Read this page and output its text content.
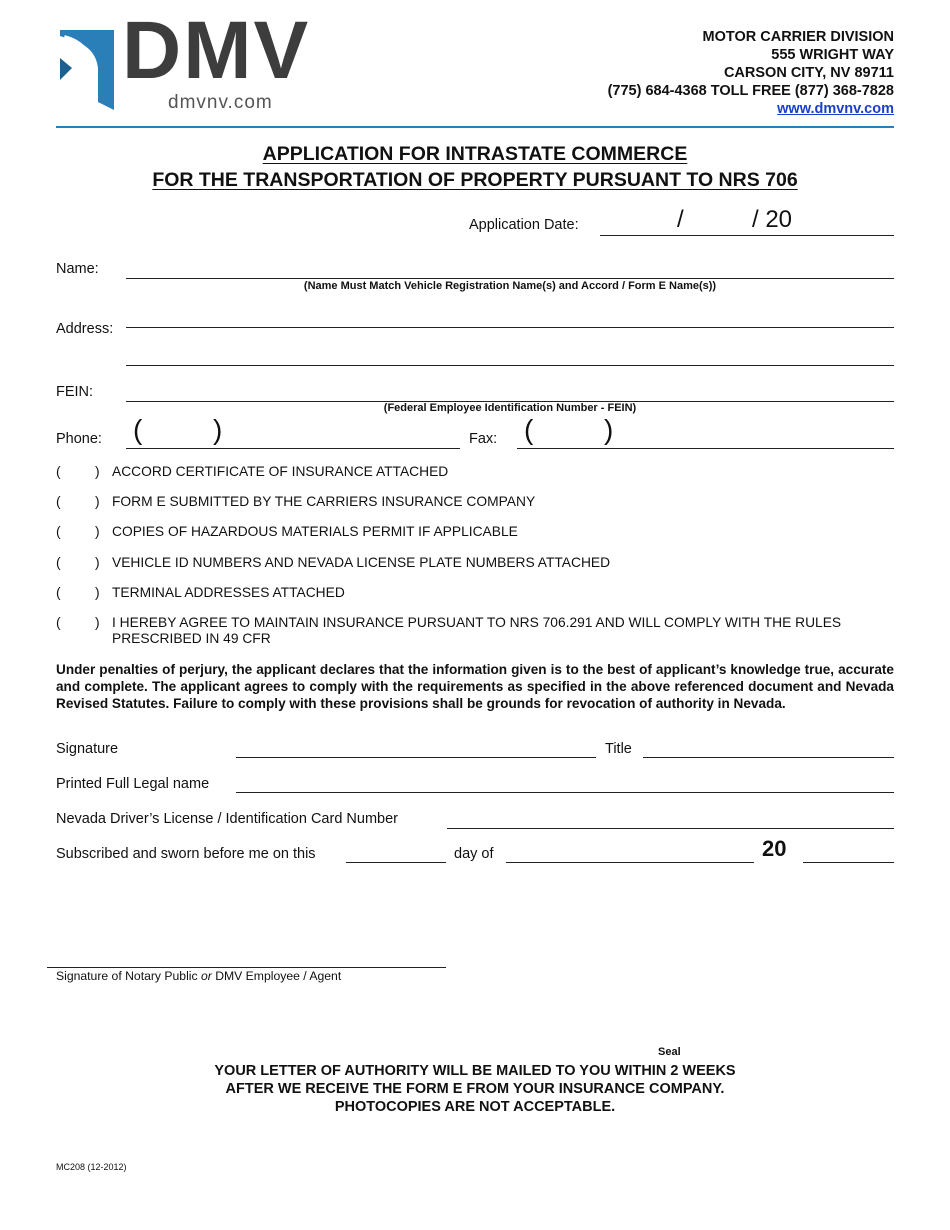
DMV
dmvnv.com
MOTOR CARRIER DIVISION
555 WRIGHT WAY
CARSON CITY, NV 89711
(775) 684-4368 TOLL FREE (877) 368-7828
www.dmvnv.com
APPLICATION FOR INTRASTATE COMMERCE
FOR THE TRANSPORTATION OF PROPERTY PURSUANT TO NRS 706
Application Date:	/	/ 20
Name:
(Name Must Match Vehicle Registration Name(s) and Accord / Form E Name(s))
Address:
FEIN:
(Federal Employee Identification Number - FEIN)
Phone: (	)	Fax: (	)
( ) ACCORD CERTIFICATE OF INSURANCE ATTACHED
( ) FORM E SUBMITTED BY THE CARRIERS INSURANCE COMPANY
( ) COPIES OF HAZARDOUS MATERIALS PERMIT IF APPLICABLE
( ) VEHICLE ID NUMBERS AND NEVADA LICENSE PLATE NUMBERS ATTACHED
( ) TERMINAL ADDRESSES ATTACHED
( ) I HEREBY AGREE TO MAINTAIN INSURANCE PURSUANT TO NRS 706.291 AND WILL COMPLY WITH THE RULES PRESCRIBED IN 49 CFR
Under penalties of perjury, the applicant declares that the information given is to the best of applicant’s knowledge true, accurate and complete. The applicant agrees to comply with the requirements as specified in the above referenced document and Nevada Revised Statutes. Failure to comply with these provisions shall be grounds for revocation of authority in Nevada.
Signature	Title
Printed Full Legal name
Nevada Driver’s License / Identification Card Number
Subscribed and sworn before me on this	day of	20
Signature of Notary Public or DMV Employee / Agent
Seal
YOUR LETTER OF AUTHORITY WILL BE MAILED TO YOU WITHIN 2 WEEKS
AFTER WE RECEIVE THE FORM E FROM YOUR INSURANCE COMPANY.
PHOTOCOPIES ARE NOT ACCEPTABLE.
MC208 (12-2012)
